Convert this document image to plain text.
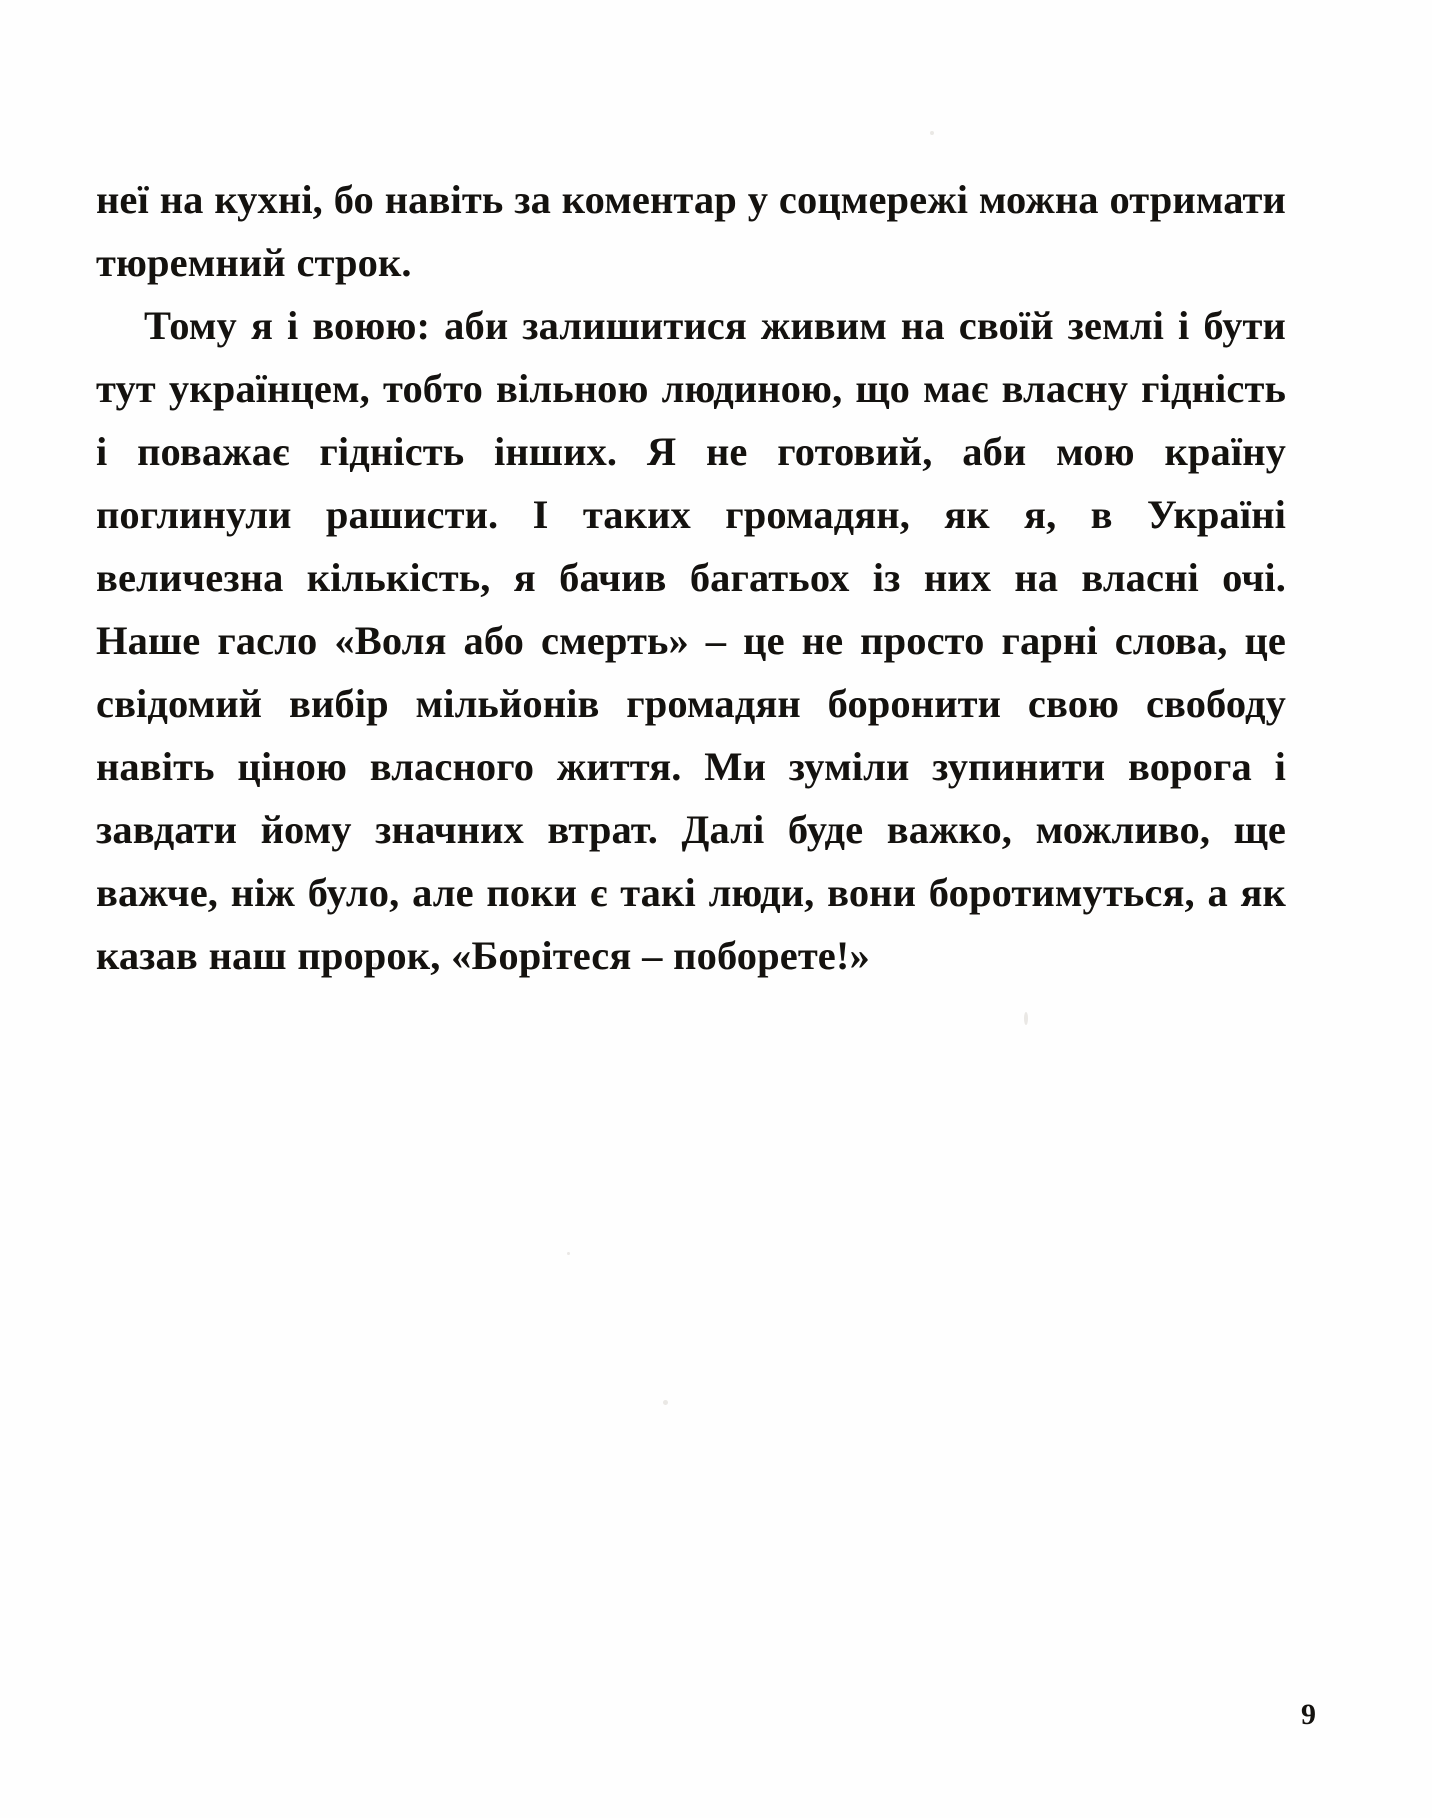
неї на кухні, бо навіть за коментар у соцмережі можна отримати тюремний строк.

Тому я і воюю: аби залишитися живим на своїй землі і бути тут українцем, тобто вільною людиною, що має власну гідність і поважає гідність інших. Я не готовий, аби мою країну поглинули рашисти. І таких громадян, як я, в Україні величезна кількість, я бачив багатьох із них на власні очі. Наше гасло «Воля або смерть» – це не просто гарні слова, це свідомий вибір мільйонів громадян боронити свою свободу навіть ціною власного життя. Ми зуміли зупинити ворога і завдати йому значних втрат. Далі буде важко, можливо, ще важче, ніж було, але поки є такі люди, вони боротимуться, а як казав наш пророк, «Борітеся – поборете!»

9
